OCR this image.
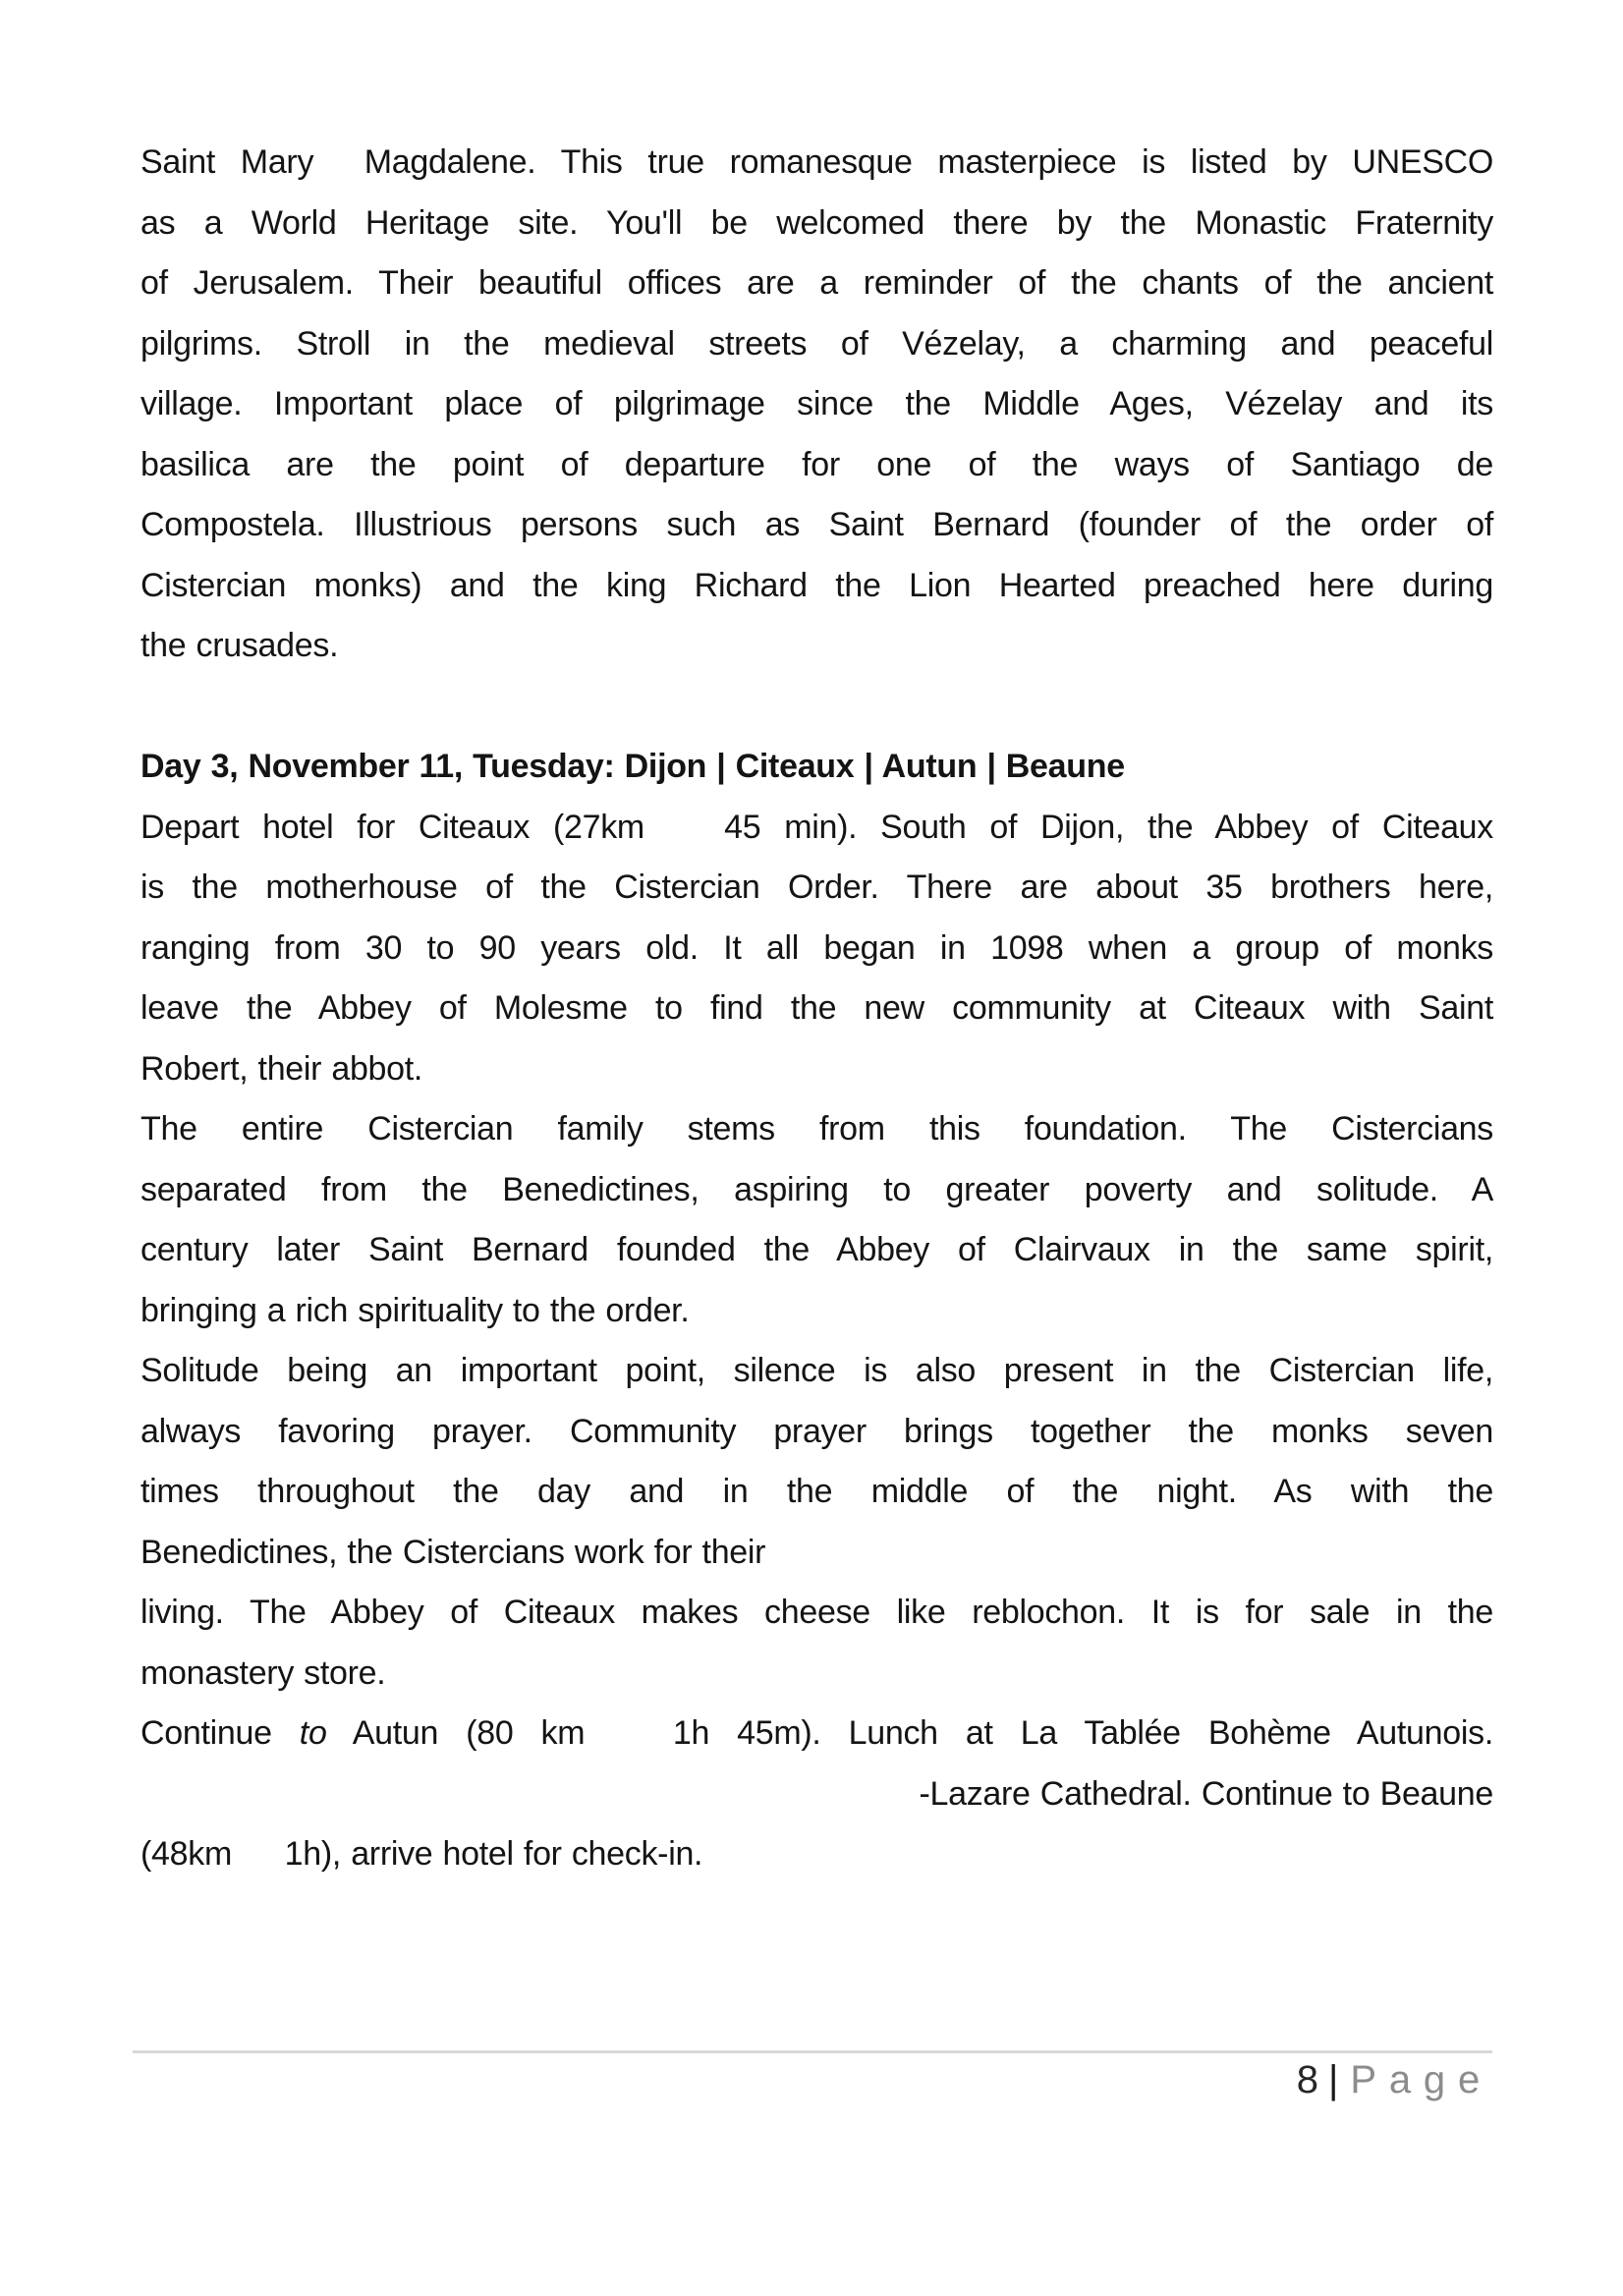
Saint Mary  Magdalene. This true romanesque masterpiece is listed by UNESCO
as a World Heritage site. You'll be welcomed there by the Monastic Fraternity
of Jerusalem. Their beautiful offices are a reminder of the chants of the ancient
pilgrims. Stroll in the medieval streets of Vézelay, a charming and peaceful
village. Important place of pilgrimage since the Middle Ages, Vézelay and its
basilica are the point of departure for one of the ways of Santiago de
Compostela. Illustrious persons such as Saint Bernard (founder of the order of
Cistercian monks) and the king Richard the Lion Hearted preached here during
the crusades.
Day 3, November 11, Tuesday: Dijon | Citeaux | Autun | Beaune
Depart hotel for Citeaux (27km    45 min). South of Dijon, the Abbey of Citeaux
is the motherhouse of the Cistercian Order. There are about 35 brothers here,
ranging from 30 to 90 years old. It all began in 1098 when a group of monks
leave the Abbey of Molesme to find the new community at Citeaux with Saint
Robert, their abbot.
The entire Cistercian family stems from this foundation. The Cistercians
separated from the Benedictines, aspiring to greater poverty and solitude. A
century later Saint Bernard founded the Abbey of Clairvaux in the same spirit,
bringing a rich spirituality to the order.
Solitude being an important point, silence is also present in the Cistercian life,
always favoring prayer. Community prayer brings together the monks seven
times throughout the day and in the middle of the night. As with the
Benedictines, the Cistercians work for their
living. The Abbey of Citeaux makes cheese like reblochon. It is for sale in the
monastery store.
Continue to Autun (80 km    1h 45m). Lunch at La Tablée Bohème Autunois.
-Lazare Cathedral. Continue to Beaune
(48km    1h), arrive hotel for check-in.
8 | Page
